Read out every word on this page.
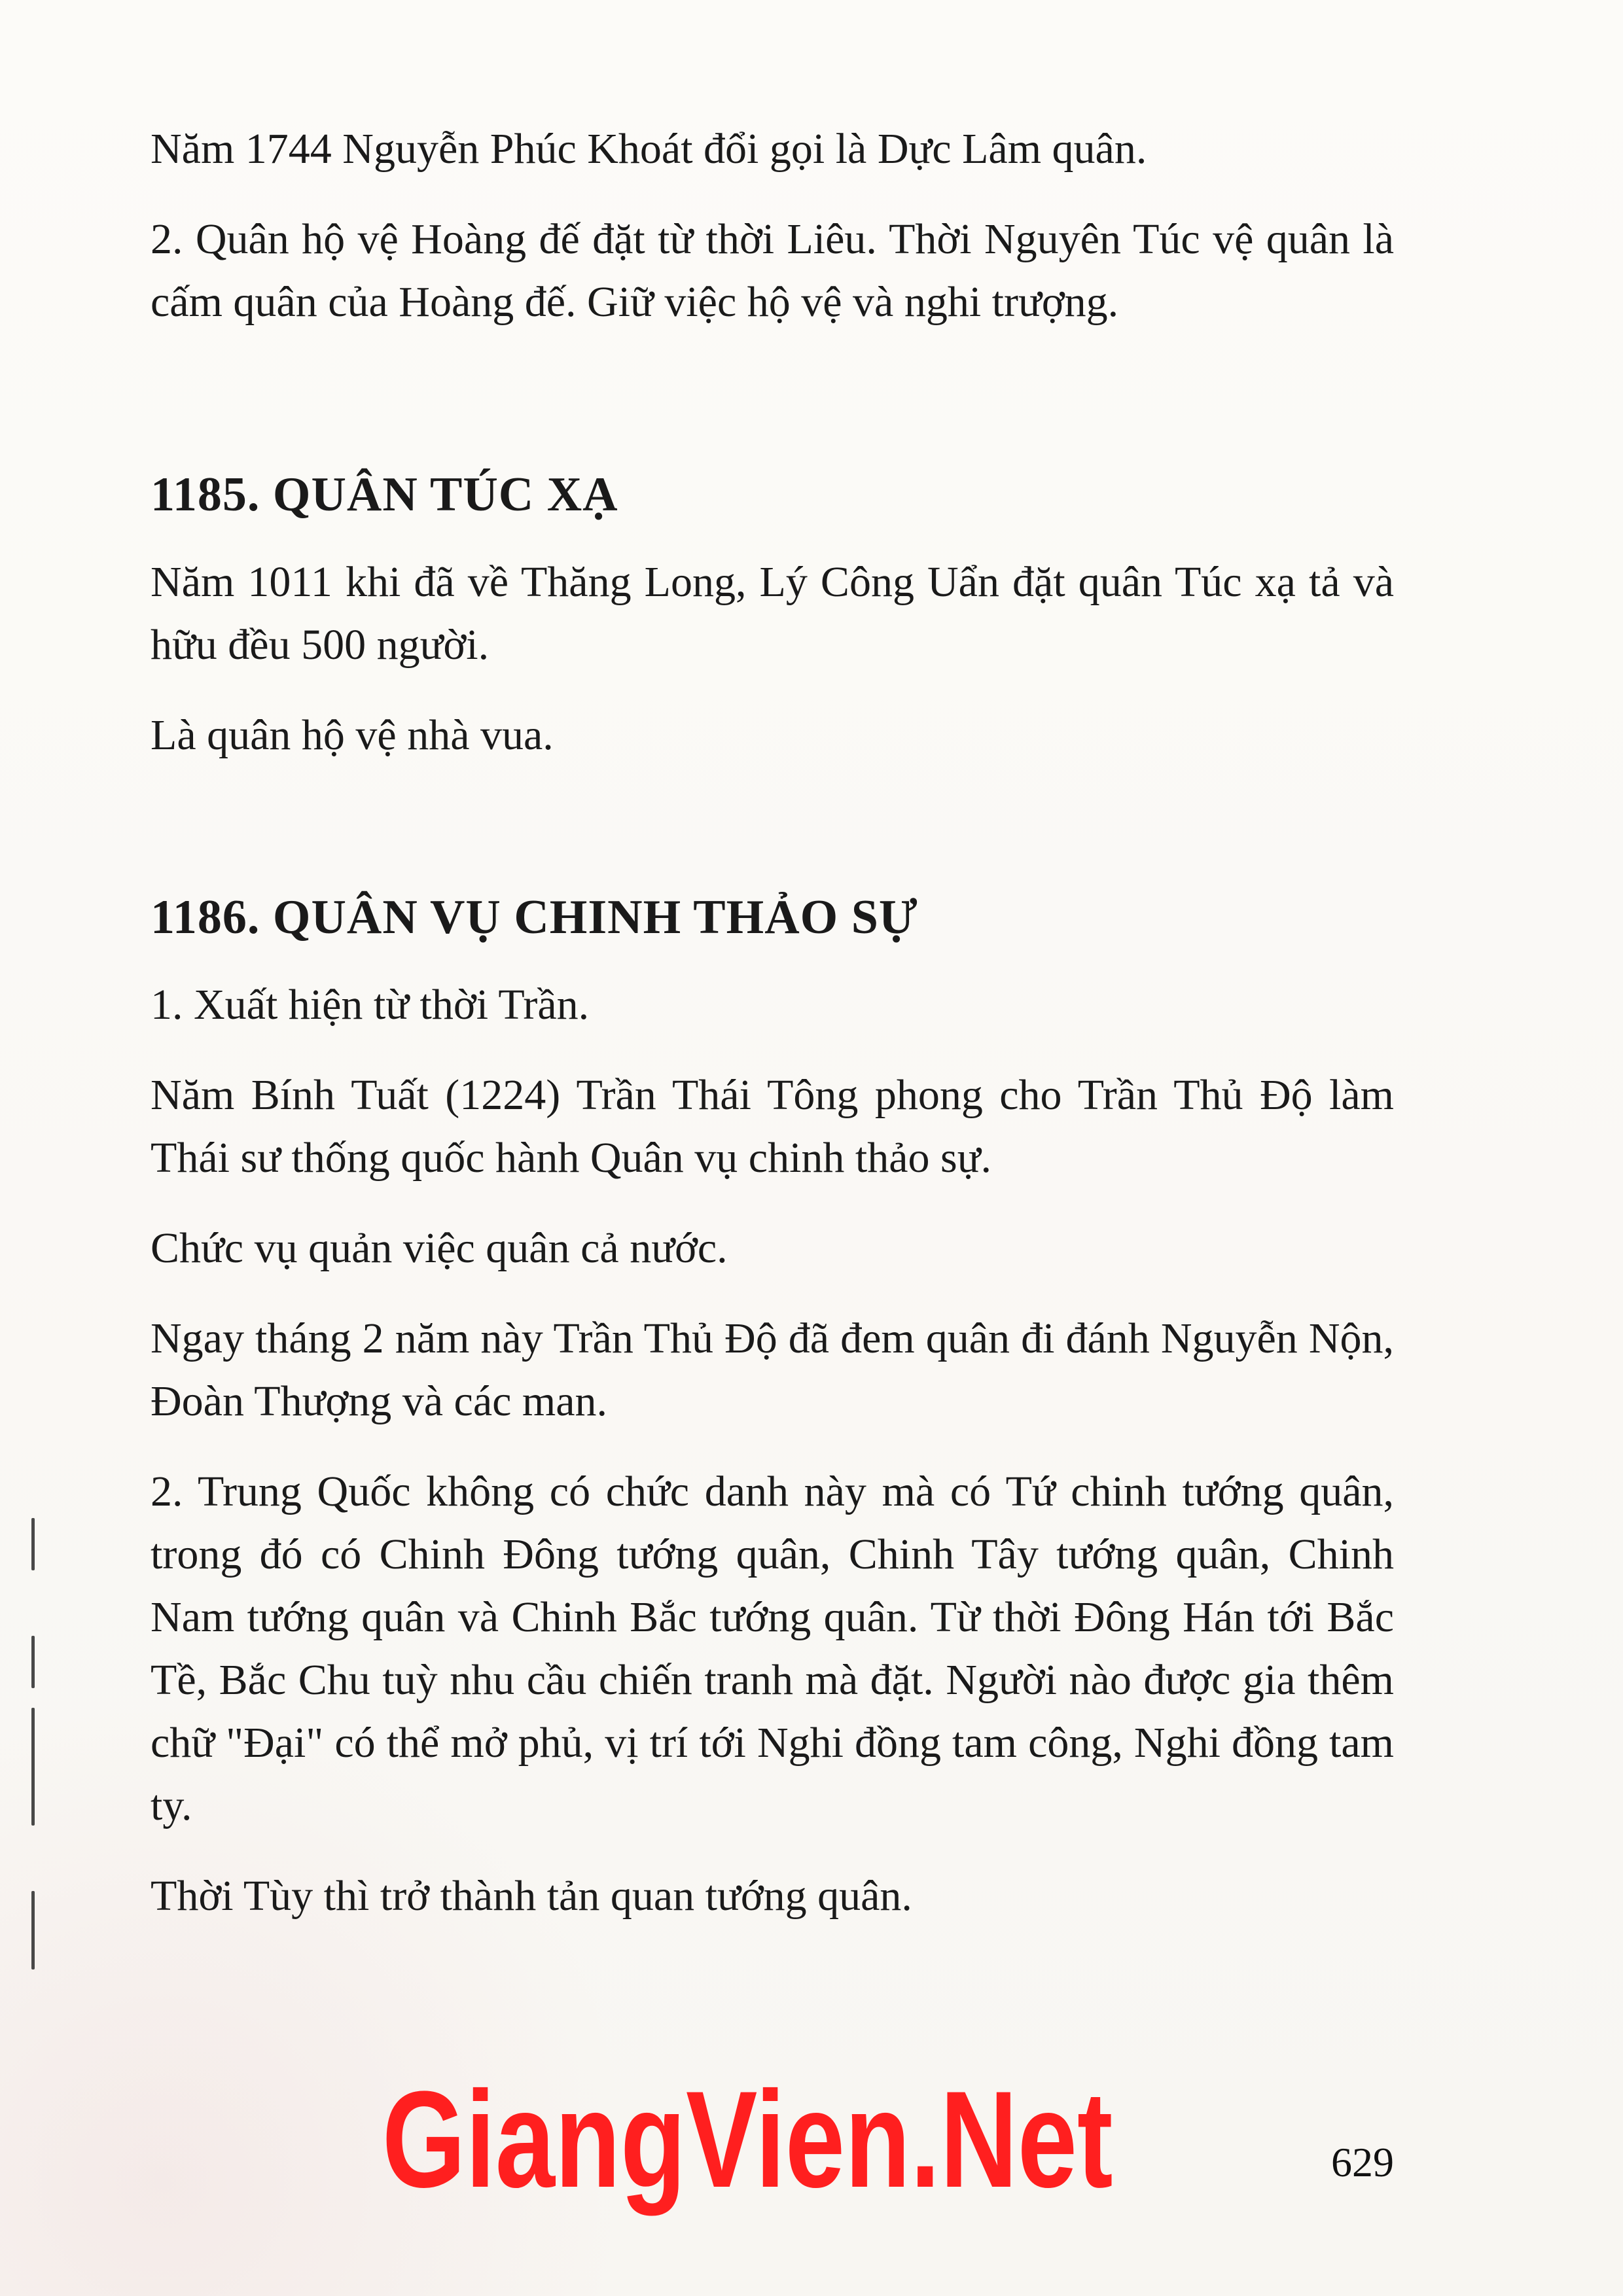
Năm 1744 Nguyễn Phúc Khoát đổi gọi là Dực Lâm quân.

2. Quân hộ vệ Hoàng đế đặt từ thời Liêu. Thời Nguyên Túc vệ quân là cấm quân của Hoàng đế. Giữ việc hộ vệ và nghi trượng.

1185. QUÂN TÚC XẠ

Năm 1011 khi đã về Thăng Long, Lý Công Uẩn đặt quân Túc xạ tả và hữu đều 500 người.

Là quân hộ vệ nhà vua.

1186. QUÂN VỤ CHINH THẢO SỰ

1. Xuất hiện từ thời Trần.

Năm Bính Tuất (1224) Trần Thái Tông phong cho Trần Thủ Độ làm Thái sư thống quốc hành Quân vụ chinh thảo sự.

Chức vụ quản việc quân cả nước.

Ngay tháng 2 năm này Trần Thủ Độ đã đem quân đi đánh Nguyễn Nộn, Đoàn Thượng và các man.

2. Trung Quốc không có chức danh này mà có Tứ chinh tướng quân, trong đó có Chinh Đông tướng quân, Chinh Tây tướng quân, Chinh Nam tướng quân và Chinh Bắc tướng quân. Từ thời Đông Hán tới Bắc Tề, Bắc Chu tuỳ nhu cầu chiến tranh mà đặt. Người nào được gia thêm chữ "Đại" có thể mở phủ, vị trí tới Nghi đồng tam công, Nghi đồng tam ty.

Thời Tùy thì trở thành tản quan tướng quân.

GiangVien.Net	629
